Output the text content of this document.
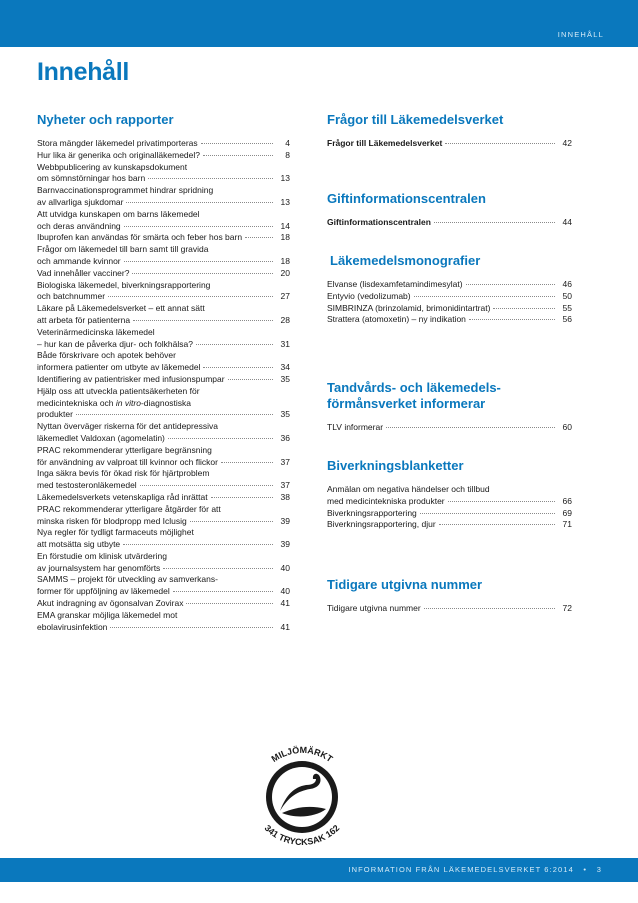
INNEHÅLL
Innehåll
Nyheter och rapporter
Stora mängder läkemedel privatimporteras	4
Hur lika är generika och originalläkemedel?	8
Webbpublicering av kunskapsdokument
om sömnstörningar hos barn	13
Barnvaccinationsprogrammet hindrar spridning
av allvarliga sjukdomar	13
Att utvidga kunskapen om barns läkemedel
och deras användning	14
Ibuprofen kan användas för smärta och feber hos barn	18
Frågor om läkemedel till barn samt till gravida
och ammande kvinnor	18
Vad innehåller vacciner?	20
Biologiska läkemedel, biverkningsrapportering
och batchnummer	27
Läkare på Läkemedelsverket – ett annat sätt
att arbeta för patienterna	28
Veterinärmedicinska läkemedel
– hur kan de påverka djur- och folkhälsa?	31
Både förskrivare och apotek behöver
informera patienter om utbyte av läkemedel	34
Identifiering av patientrisker med infusionspumpar	35
Hjälp oss att utveckla patientsäkerheten för
medicintekniska och in vitro-diagnostiska
produkter	35
Nyttan överväger riskerna för det antidepressiva
läkemedlet Valdoxan (agomelatin)	36
PRAC rekommenderar ytterligare begränsning
för användning av valproat till kvinnor och flickor	37
Inga säkra bevis för ökad risk för hjärtproblem
med testosteronläkemedel	37
Läkemedelsverkets vetenskapliga råd inrättat	38
PRAC rekommenderar ytterligare åtgärder för att
minska risken för blodpropp med Iclusig	39
Nya regler för tydligt farmaceuts möjlighet
att motsätta sig utbyte	39
En förstudie om klinisk utvärdering
av journalsystem har genomförts	40
SAMMS – projekt för utveckling av samverkans-
former för uppföljning av läkemedel	40
Akut indragning av ögonsalvan Zovirax	41
EMA granskar möjliga läkemedel mot
ebolavirusinfektion	41
Frågor till Läkemedelsverket
Frågor till Läkemedelsverket	42
Giftinformationscentralen
Giftinformationscentralen	44
Läkemedelsmonografier
Elvanse (lisdexamfetamindimesylat)	46
Entyvio (vedolizumab)	50
SIMBRINZA (brinzolamid, brimonidintartrat)	55
Strattera (atomoxetin) – ny indikation	56
Tandvårds- och läkemedels-
förmånsverket informerar
TLV informerar	60
Biverkningsblanketter
Anmälan om negativa händelser och tillbud
med medicintekniska produkter	66
Biverkningsrapportering	69
Biverkningsrapportering, djur	71
Tidigare utgivna nummer
Tidigare utgivna nummer	72
MILJÖMÄRKT
341 TRYCKSAK 162
INFORMATION FRÅN LÄKEMEDELSVERKET 6:2014 • 3
